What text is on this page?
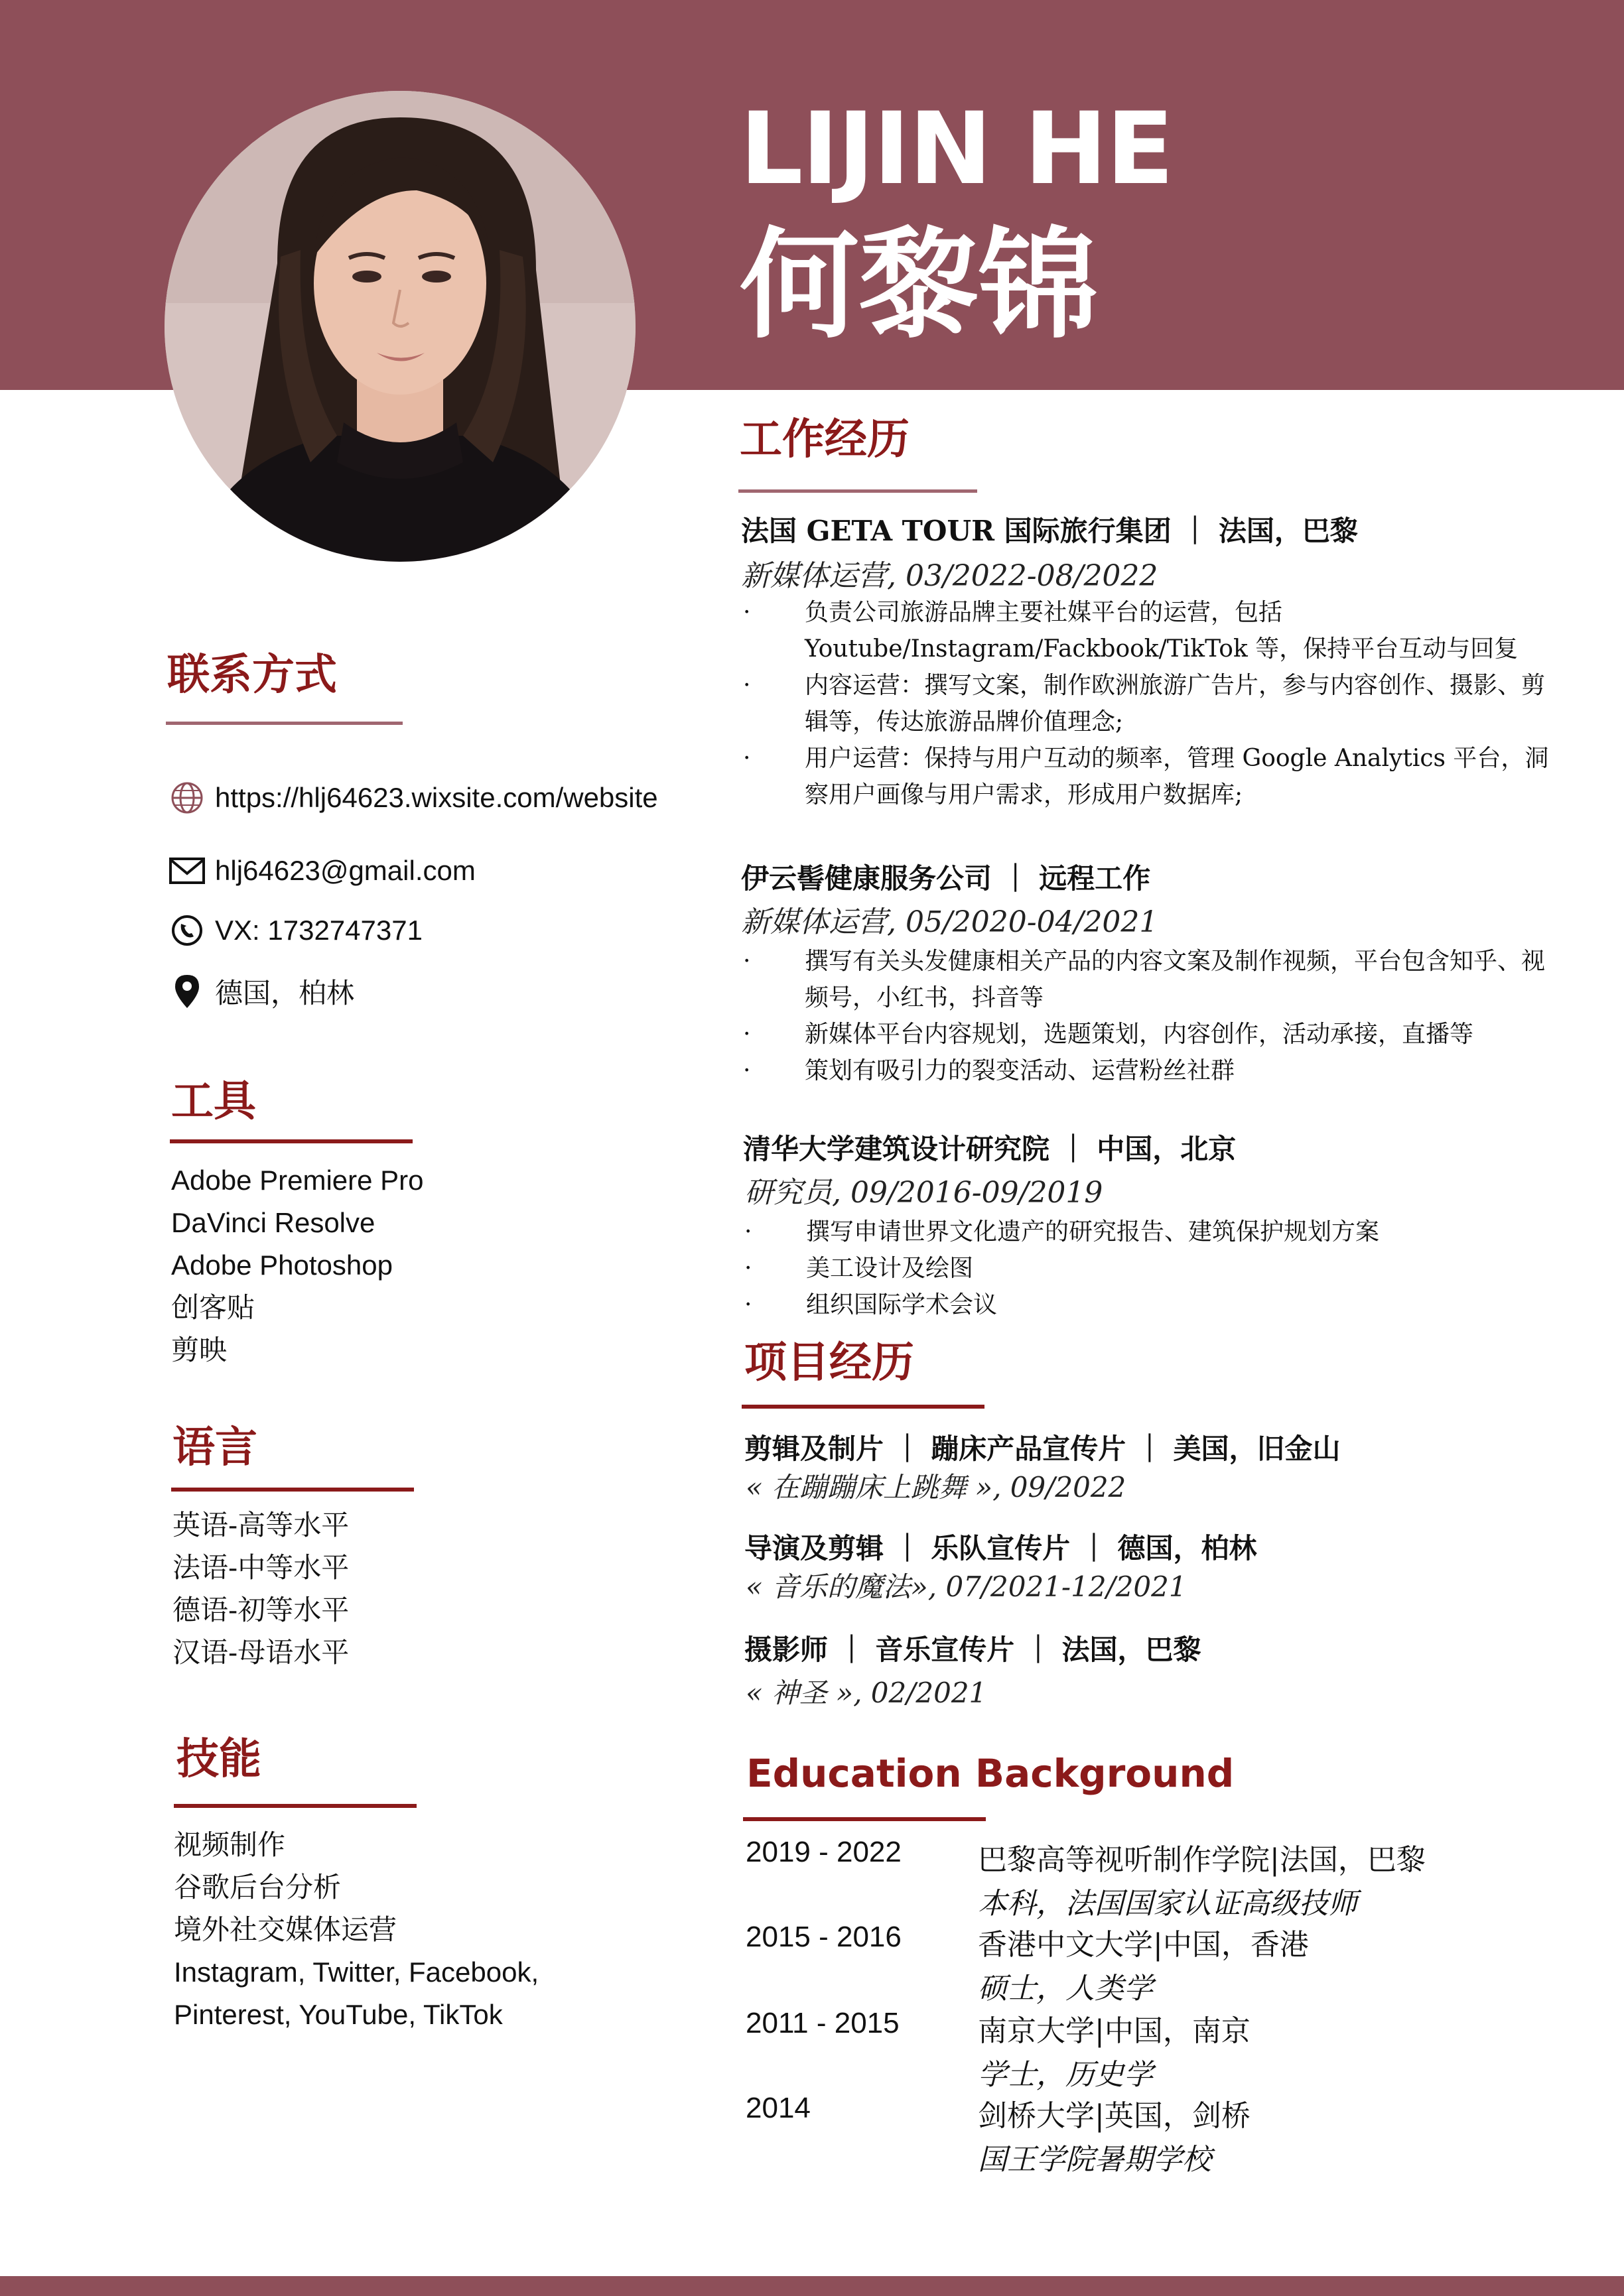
LIJIN HE
何黎锦
联系方式
https://hlj64623.wixsite.com/website
hlj64623@gmail.com
VX: 1732747371
德国，柏林
工具
Adobe Premiere Pro
DaVinci Resolve
Adobe Photoshop
创客贴
剪映
语言
英语-高等水平
法语-中等水平
德语-初等水平
汉语-母语水平
技能
视频制作
谷歌后台分析
境外社交媒体运营
Instagram, Twitter, Facebook,
Pinterest, YouTube, TikTok
工作经历
法国 GETA TOUR 国际旅行集团 ｜ 法国，巴黎
新媒体运营, 03/2022-08/2022
· 负责公司旅游品牌主要社媒平台的运营，包括 Youtube/Instagram/Fackbook/TikTok 等，保持平台互动与回复
· 内容运营：撰写文案，制作欧洲旅游广告片，参与内容创作、摄影、剪辑等，传达旅游品牌价值理念;
· 用户运营：保持与用户互动的频率，管理 Google Analytics 平台，洞察用户画像与用户需求，形成用户数据库;
伊云髻健康服务公司 ｜ 远程工作
新媒体运营, 05/2020-04/2021
· 撰写有关头发健康相关产品的内容文案及制作视频，平台包含知乎、视频号，小红书，抖音等
· 新媒体平台内容规划，选题策划，内容创作，活动承接，直播等
· 策划有吸引力的裂变活动、运营粉丝社群
清华大学建筑设计研究院 ｜ 中国，北京
研究员, 09/2016-09/2019
· 撰写申请世界文化遗产的研究报告、建筑保护规划方案
· 美工设计及绘图
· 组织国际学术会议
项目经历
剪辑及制片 ｜ 蹦床产品宣传片 ｜ 美国，旧金山
« 在蹦蹦床上跳舞 », 09/2022
导演及剪辑 ｜ 乐队宣传片 ｜ 德国，柏林
« 音乐的魔法», 07/2021-12/2021
摄影师 ｜ 音乐宣传片 ｜ 法国，巴黎
« 神圣 », 02/2021
Education Background
2019 - 2022	巴黎高等视听制作学院|法国，巴黎
本科，法国国家认证高级技师
2015 - 2016	香港中文大学|中国，香港
硕士，人类学
2011 - 2015	南京大学|中国，南京
学士，历史学
2014	剑桥大学|英国，剑桥
国王学院暑期学校
